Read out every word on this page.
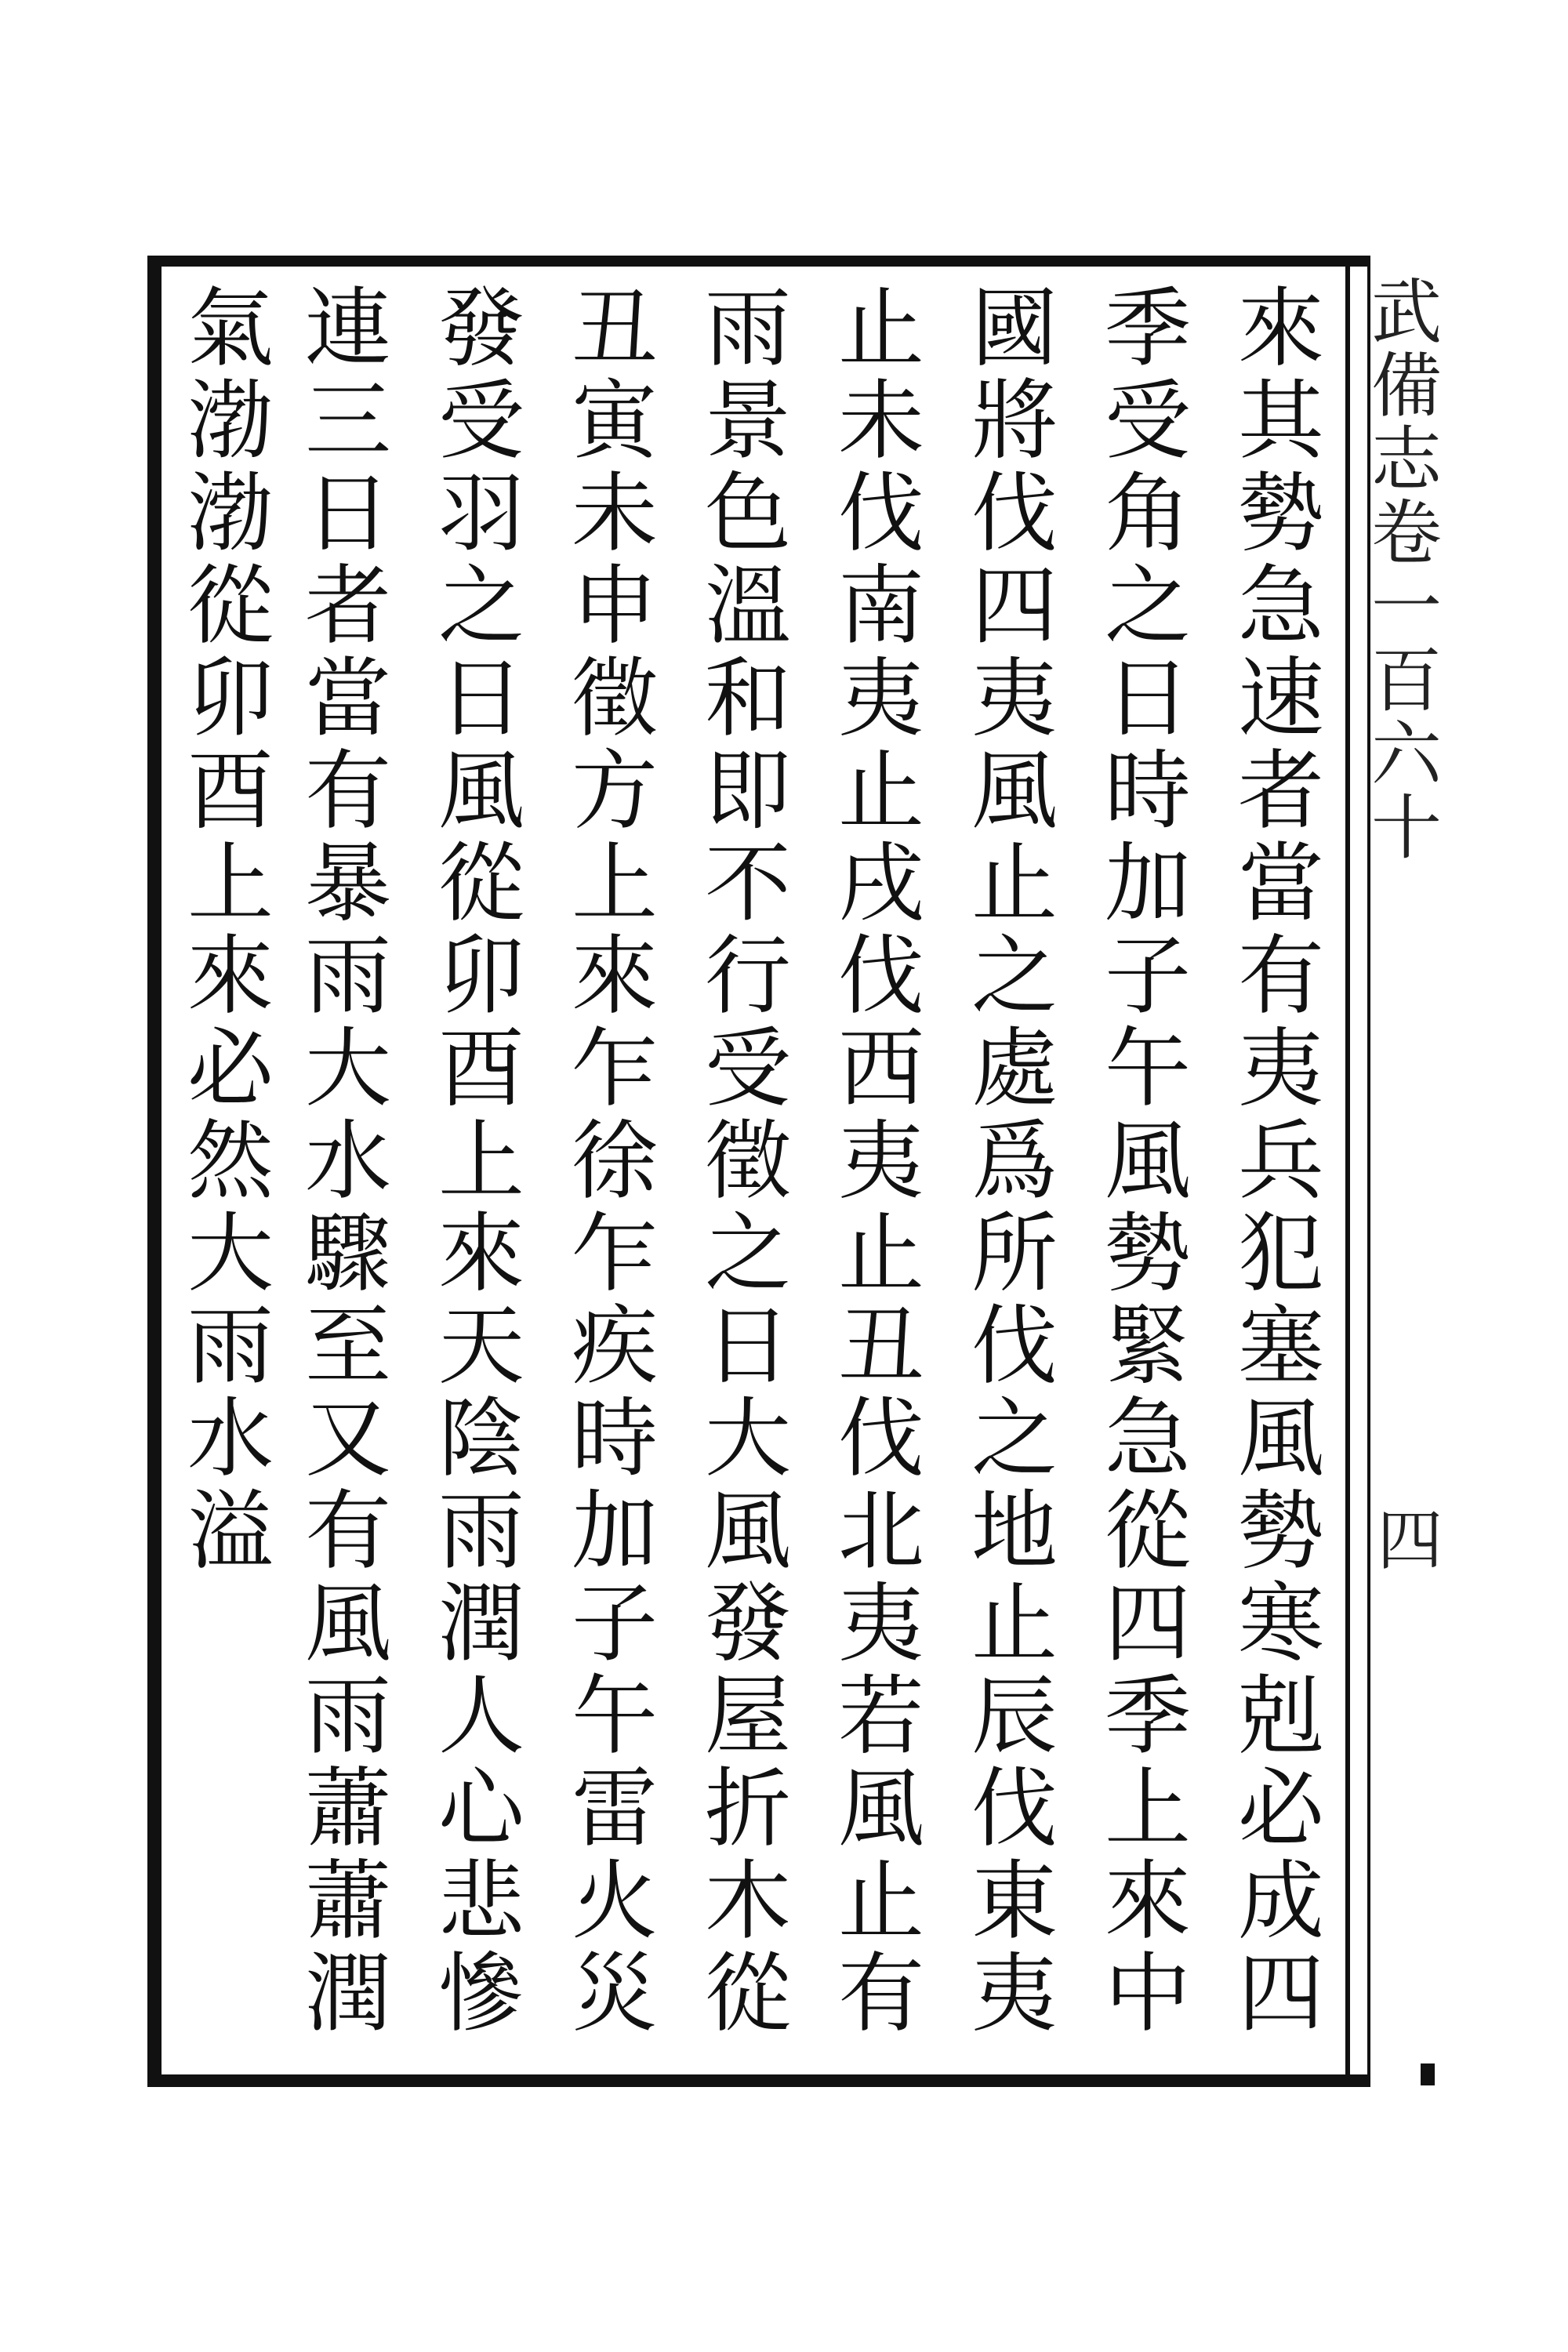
武備志卷一百六十
四
來其勢急速者當有夷兵犯塞風勢寒剋必成四
季受角之日時加子午風勢緊急從四季上來中
國將伐四夷風止之處爲所伐之地止辰伐東夷
止未伐南夷止戌伐西夷止丑伐北夷若風止有
雨景色溫和即不行受徵之日大風發屋折木從
丑寅未申徵方上來乍徐乍疾時加子午雷火災
發受羽之日風從卯酉上來天陰雨潤人心悲慘
連三日者當有暴雨大水驟至又有風雨蕭蕭潤
氣渤渤從卯酉上來必然大雨水溢
